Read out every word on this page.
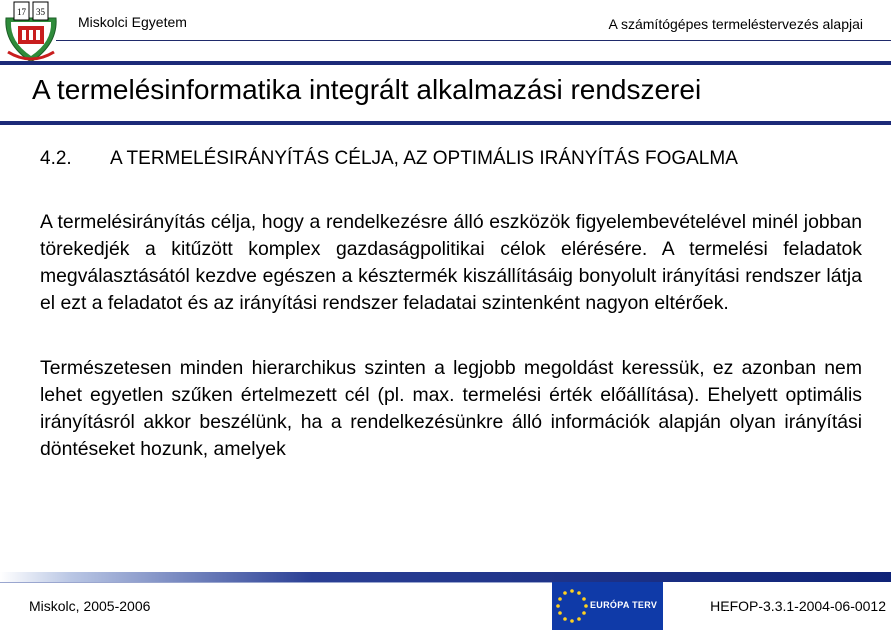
17 35
Miskolci Egyetem	A számítógépes termeléstervezés alapjai
A termelésinformatika integrált alkalmazási rendszerei
4.2. A TERMELÉSIRÁNYÍTÁS CÉLJA, AZ OPTIMÁLIS IRÁNYÍTÁS FOGALMA

A termelésirányítás célja, hogy a rendelkezésre álló eszközök figyelembevételével minél jobban törekedjék a kitűzött komplex gazdaságpolitikai célok elérésére. A termelési feladatok megválasztásától kezdve egészen a késztermék kiszállításáig bonyolult irányítási rendszer látja el ezt a feladatot és az irányítási rendszer feladatai szintenként nagyon eltérőek.

Természetesen minden hierarchikus szinten a legjobb megoldást keressük, ez azonban nem lehet egyetlen szűken értelmezett cél (pl. max. termelési érték előállítása). Ehelyett optimális irányításról akkor beszélünk, ha a rendelkezésünkre álló információk alapján olyan irányítási döntéseket hozunk, amelyek

Miskolc, 2005-2006	EURÓPA TERV	HEFOP-3.3.1-2004-06-0012
